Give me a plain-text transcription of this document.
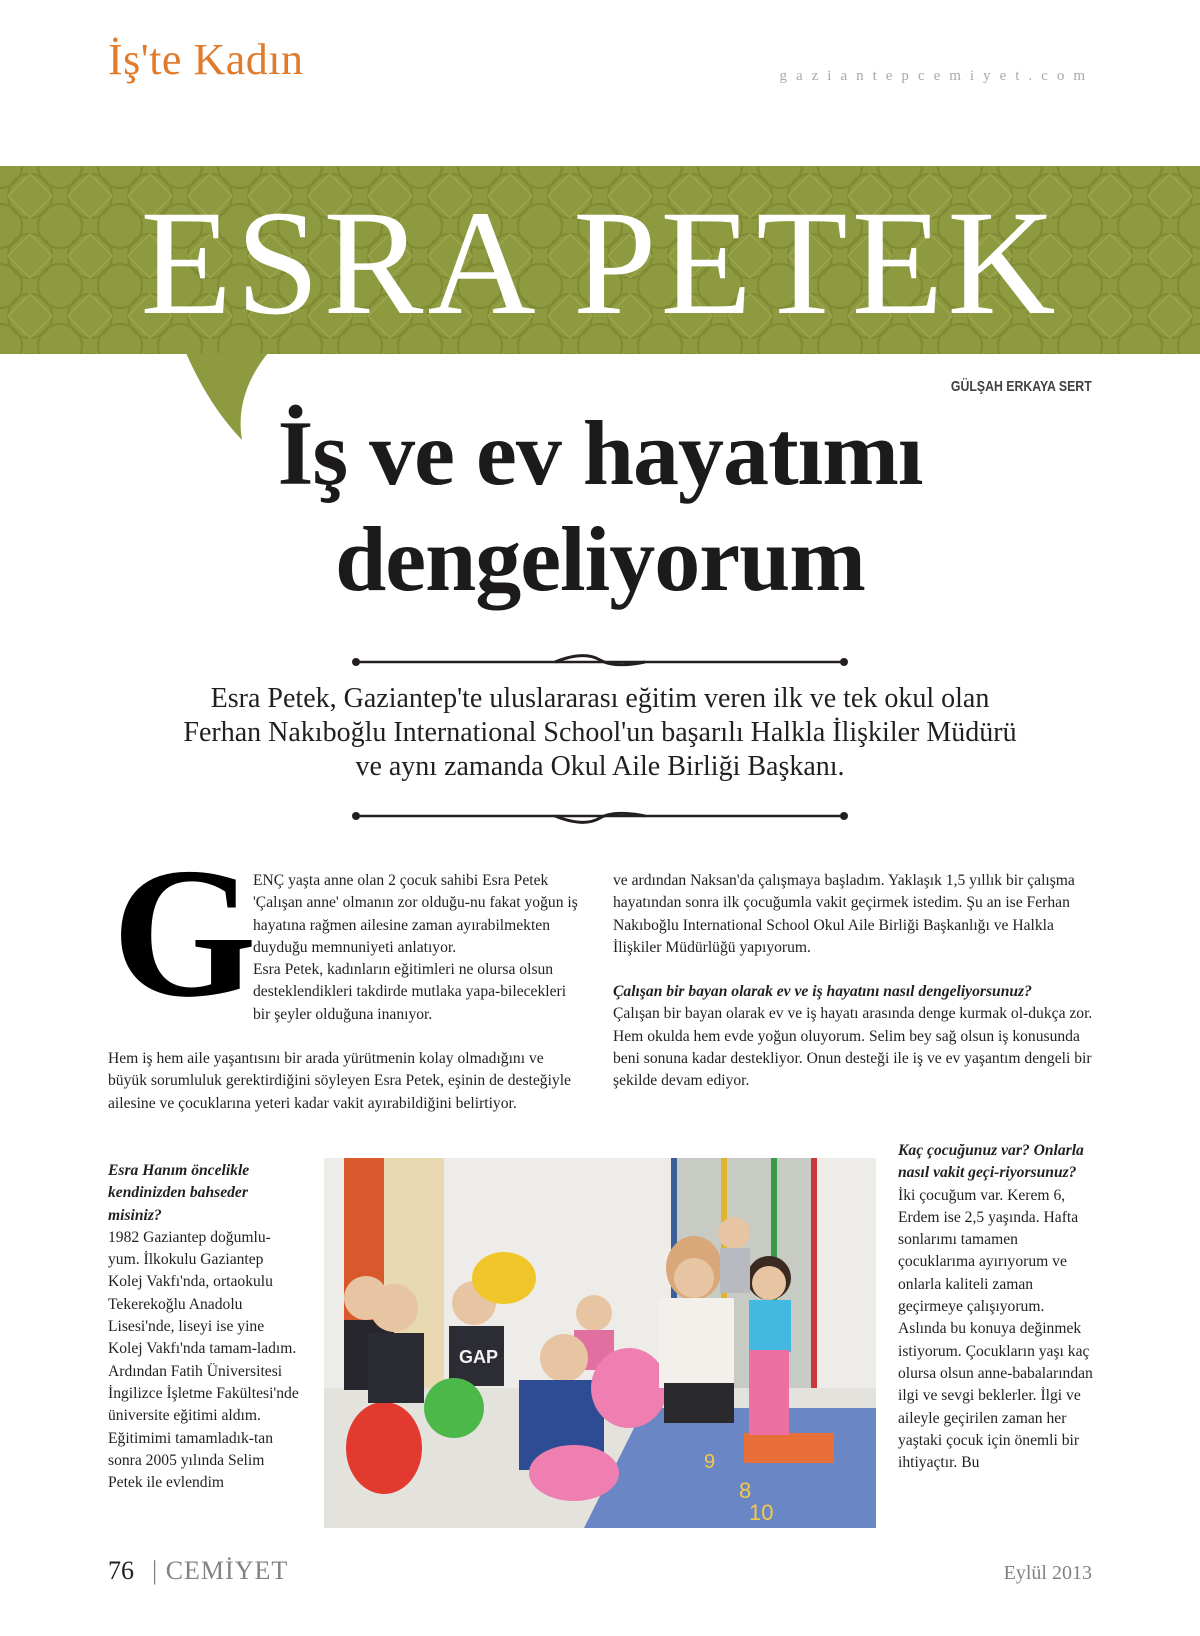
İş'te Kadın	gaziantepcemiyet.com
ESRA PETEK
GÜLŞAH ERKAYA SERT
İş ve ev hayatımı
dengeliyorum

Esra Petek, Gaziantep'te uluslararası eğitim veren ilk ve tek okul olan Ferhan Nakıboğlu International School'un başarılı Halkla İlişkiler Müdürü ve aynı zamanda Okul Aile Birliği Başkanı.

G

ENÇ yaşta anne olan 2 çocuk sahibi Esra Petek 'Çalışan anne' olmanın zor olduğu-nu fakat yoğun iş hayatına rağmen ailesine zaman ayırabilmekten duyduğu memnuniyeti anlatıyor.

Esra Petek, kadınların eğitimleri ne olursa olsun desteklendikleri takdirde mutlaka yapa-bilecekleri bir şeyler olduğuna inanıyor.

Hem iş hem aile yaşantısını bir arada yürütmenin kolay olmadığını ve büyük sorumluluk gerektirdiğini söyleyen Esra Petek, eşinin de desteğiyle ailesine ve çocuklarına yeteri kadar vakit ayırabildiğini belirtiyor.

ve ardından Naksan'da çalışmaya başladım. Yaklaşık 1,5 yıllık bir çalışma hayatından sonra ilk çocuğumla vakit geçirmek istedim. Şu an ise Ferhan Nakıboğlu International School Okul Aile Birliği Başkanlığı ve Halkla İlişkiler Müdürlüğü yapıyorum.

Çalışan bir bayan olarak ev ve iş hayatını nasıl dengeliyorsunuz?

Çalışan bir bayan olarak ev ve iş hayatı arasında denge kurmak ol-dukça zor. Hem okulda hem evde yoğun oluyorum. Selim bey sağ olsun iş konusunda beni sonuna kadar destekliyor. Onun desteği ile iş ve ev yaşantım dengeli bir şekilde devam ediyor.

Esra Hanım öncelikle kendinizden bahseder misiniz?

1982 Gaziantep doğumlu-yum. İlkokulu Gaziantep Kolej Vakfı'nda, ortaokulu Tekerekoğlu Anadolu Lisesi'nde, liseyi ise yine Kolej Vakfı'nda tamam-ladım. Ardından Fatih Üniversitesi İngilizce İşletme Fakültesi'nde üniversite eğitimi aldım. Eğitimimi tamamladık-tan sonra 2005 yılında Selim Petek ile evlendim	8
9
10
GAP

Kaç çocuğunuz var? Onlarla nasıl vakit geçi-riyorsunuz?

İki çocuğum var. Kerem 6, Erdem ise 2,5 yaşında. Hafta sonlarımı tamamen çocuklarıma ayırıyorum ve onlarla kaliteli zaman geçirmeye çalışıyorum. Aslında bu konuya değinmek istiyorum. Çocukların yaşı kaç olursa olsun anne-babalarından ilgi ve sevgi beklerler. İlgi ve aileyle geçirilen zaman her yaştaki çocuk için önemli bir ihtiyaçtır. Bu

76 | CEMİYET	Eylül 2013
